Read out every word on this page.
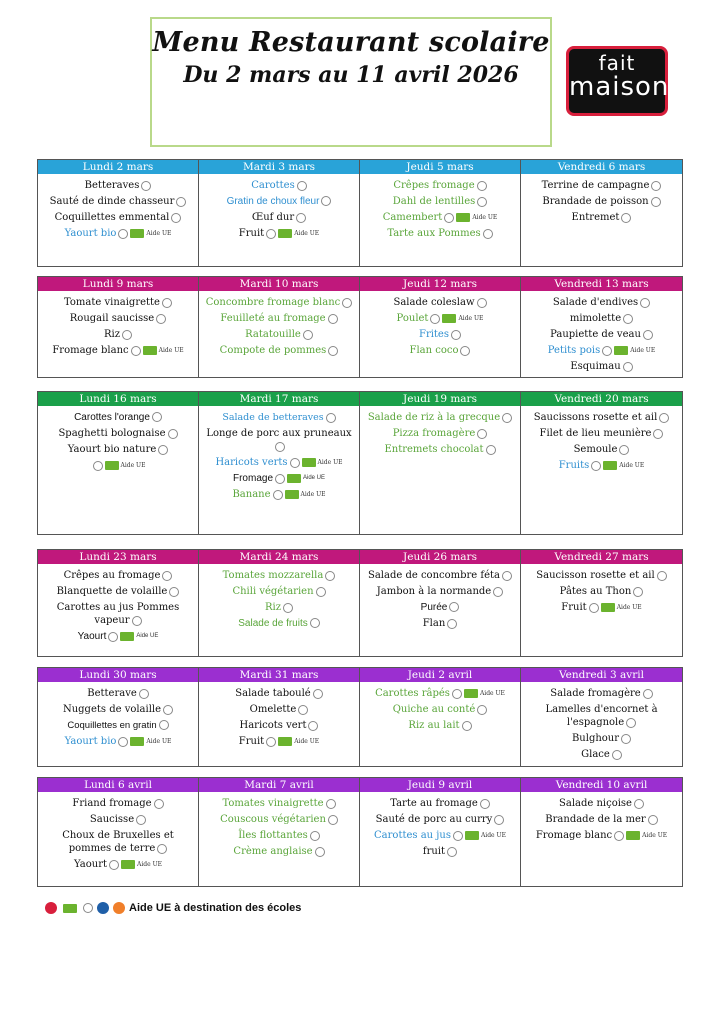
Menu Restaurant scolaire
Du 2 mars au 11 avril 2026	fait
maison
Lundi 2 mars
Betteraves
Sauté de dinde chasseur
Coquillettes emmental
Yaourt bio	Aide UE
Mardi 3 mars
Carottes
Gratin de choux fleur
Œuf dur
Fruit	Aide UE
Jeudi 5 mars
Crêpes fromage
Dahl de lentilles
Camembert	Aide UE
Tarte aux Pommes
Vendredi 6 mars
Terrine de campagne
Brandade de poisson
Entremet
Lundi 9 mars
Tomate vinaigrette
Rougail saucisse
Riz
Fromage blanc	Aide UE
Mardi 10 mars
Concombre fromage blanc
Feuilleté au fromage
Ratatouille
Compote de pommes
Jeudi 12 mars
Salade coleslaw
Poulet	Aide UE
Frites
Flan coco
Vendredi 13 mars
Salade d'endives
mimolette
Paupiette de veau
Petits pois	Aide UE
Esquimau
Lundi 16 mars
Carottes l'orange
Spaghetti bolognaise
Yaourt bio nature
Aide UE
Mardi 17 mars
Salade de betteraves
Longe de porc aux pruneaux
Haricots verts	Aide UE
Fromage	Aide UE
Banane	Aide UE
Jeudi 19 mars
Salade de riz à la grecque
Pizza fromagère
Entremets chocolat
Vendredi 20 mars
Saucissons rosette et ail
Filet de lieu meunière
Semoule
Fruits	Aide UE
Lundi 23 mars
Crêpes au fromage
Blanquette de volaille
Carottes au jus Pommes vapeur
Yaourt	Aide UE
Mardi 24 mars
Tomates mozzarella
Chili végétarien
Riz
Salade de fruits
Jeudi 26 mars
Salade de concombre féta
Jambon à la normande
Purée
Flan
Vendredi 27 mars
Saucisson rosette et ail
Pâtes au Thon
Fruit	Aide UE
Lundi 30 mars
Betterave
Nuggets de volaille
Coquillettes en gratin
Yaourt bio	Aide UE
Mardi 31 mars
Salade taboulé
Omelette
Haricots vert
Fruit	Aide UE
Jeudi 2 avril
Carottes râpés	Aide UE
Quiche au conté
Riz au lait
Vendredi 3 avril
Salade fromagère
Lamelles d'encornet à l'espagnole
Bulghour
Glace
Lundi 6 avril
Friand fromage
Saucisse
Choux de Bruxelles et pommes de terre
Yaourt	Aide UE
Mardi 7 avril
Tomates vinaigrette
Couscous végétarien
Îles flottantes
Crème anglaise
Jeudi 9 avril
Tarte au fromage
Sauté de porc au curry
Carottes au jus	Aide UE
fruit
Vendredi 10 avril
Salade niçoise
Brandade de la mer
Fromage blanc	Aide UE
Aide UE à destination des écoles
